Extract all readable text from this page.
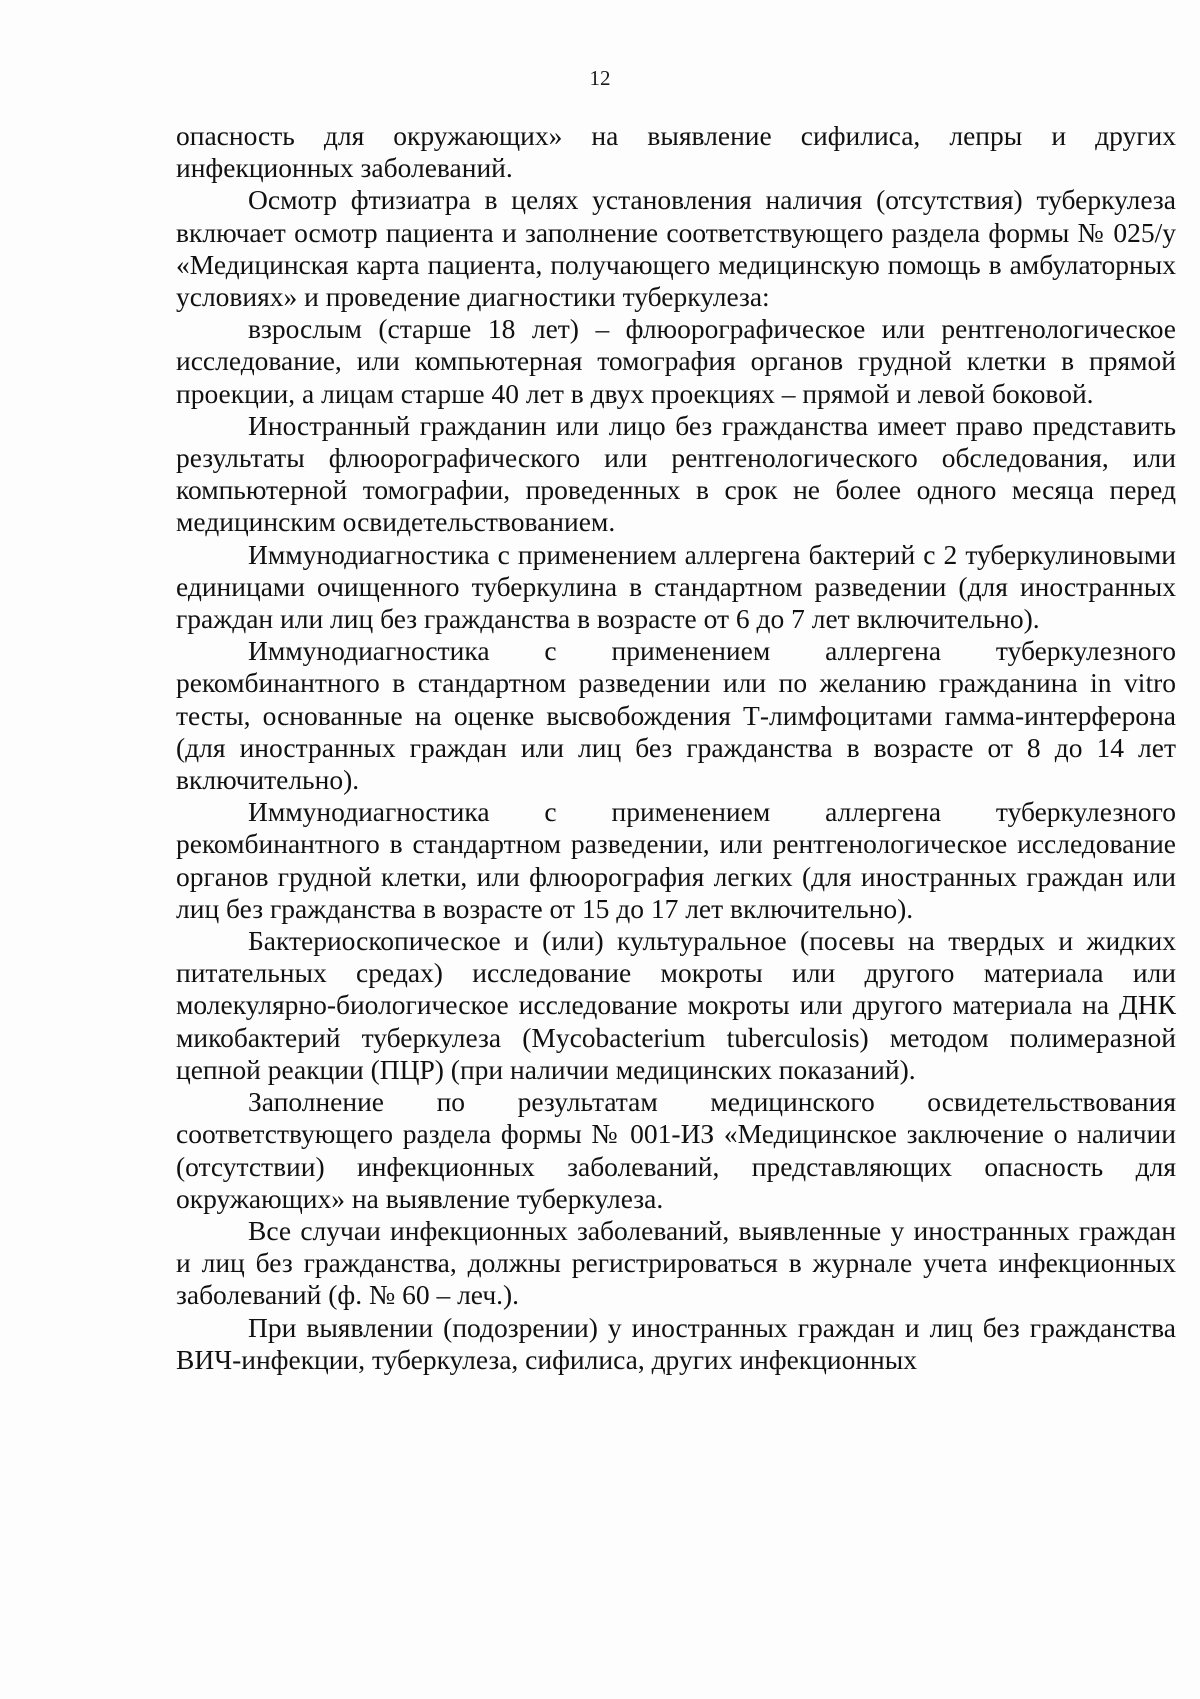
12

опасность для окружающих» на выявление сифилиса, лепры и других инфекционных заболеваний.

Осмотр фтизиатра в целях установления наличия (отсутствия) туберкулеза включает осмотр пациента и заполнение соответствующего раздела формы № 025/у «Медицинская карта пациента, получающего медицинскую помощь в амбулаторных условиях» и проведение диагностики туберкулеза:

взрослым (старше 18 лет) – флюорографическое или рентгенологическое исследование, или компьютерная томография органов грудной клетки в прямой проекции, а лицам старше 40 лет в двух проекциях – прямой и левой боковой.

Иностранный гражданин или лицо без гражданства имеет право представить результаты флюорографического или рентгенологического обследования, или компьютерной томографии, проведенных в срок не более одного месяца перед медицинским освидетельствованием.

Иммунодиагностика с применением аллергена бактерий с 2 туберкулиновыми единицами очищенного туберкулина в стандартном разведении (для иностранных граждан или лиц без гражданства в возрасте от 6 до 7 лет включительно).

Иммунодиагностика с применением аллергена туберкулезного рекомбинантного в стандартном разведении или по желанию гражданина in vitro тесты, основанные на оценке высвобождения Т-лимфоцитами гамма-интерферона (для иностранных граждан или лиц без гражданства в возрасте от 8 до 14 лет включительно).

Иммунодиагностика с применением аллергена туберкулезного рекомбинантного в стандартном разведении, или рентгенологическое исследование органов грудной клетки, или флюорография легких (для иностранных граждан или лиц без гражданства в возрасте от 15 до 17 лет включительно).

Бактериоскопическое и (или) культуральное (посевы на твердых и жидких питательных средах) исследование мокроты или другого материала или молекулярно-биологическое исследование мокроты или другого материала на ДНК микобактерий туберкулеза (Mycobacterium tuberculosis) методом полимеразной цепной реакции (ПЦР) (при наличии медицинских показаний).

Заполнение по результатам медицинского освидетельствования соответствующего раздела формы № 001-ИЗ «Медицинское заключение о наличии (отсутствии) инфекционных заболеваний, представляющих опасность для окружающих» на выявление туберкулеза.

Все случаи инфекционных заболеваний, выявленные у иностранных граждан и лиц без гражданства, должны регистрироваться в журнале учета инфекционных заболеваний (ф. № 60 – леч.).

При выявлении (подозрении) у иностранных граждан и лиц без гражданства ВИЧ-инфекции, туберкулеза, сифилиса, других инфекционных
